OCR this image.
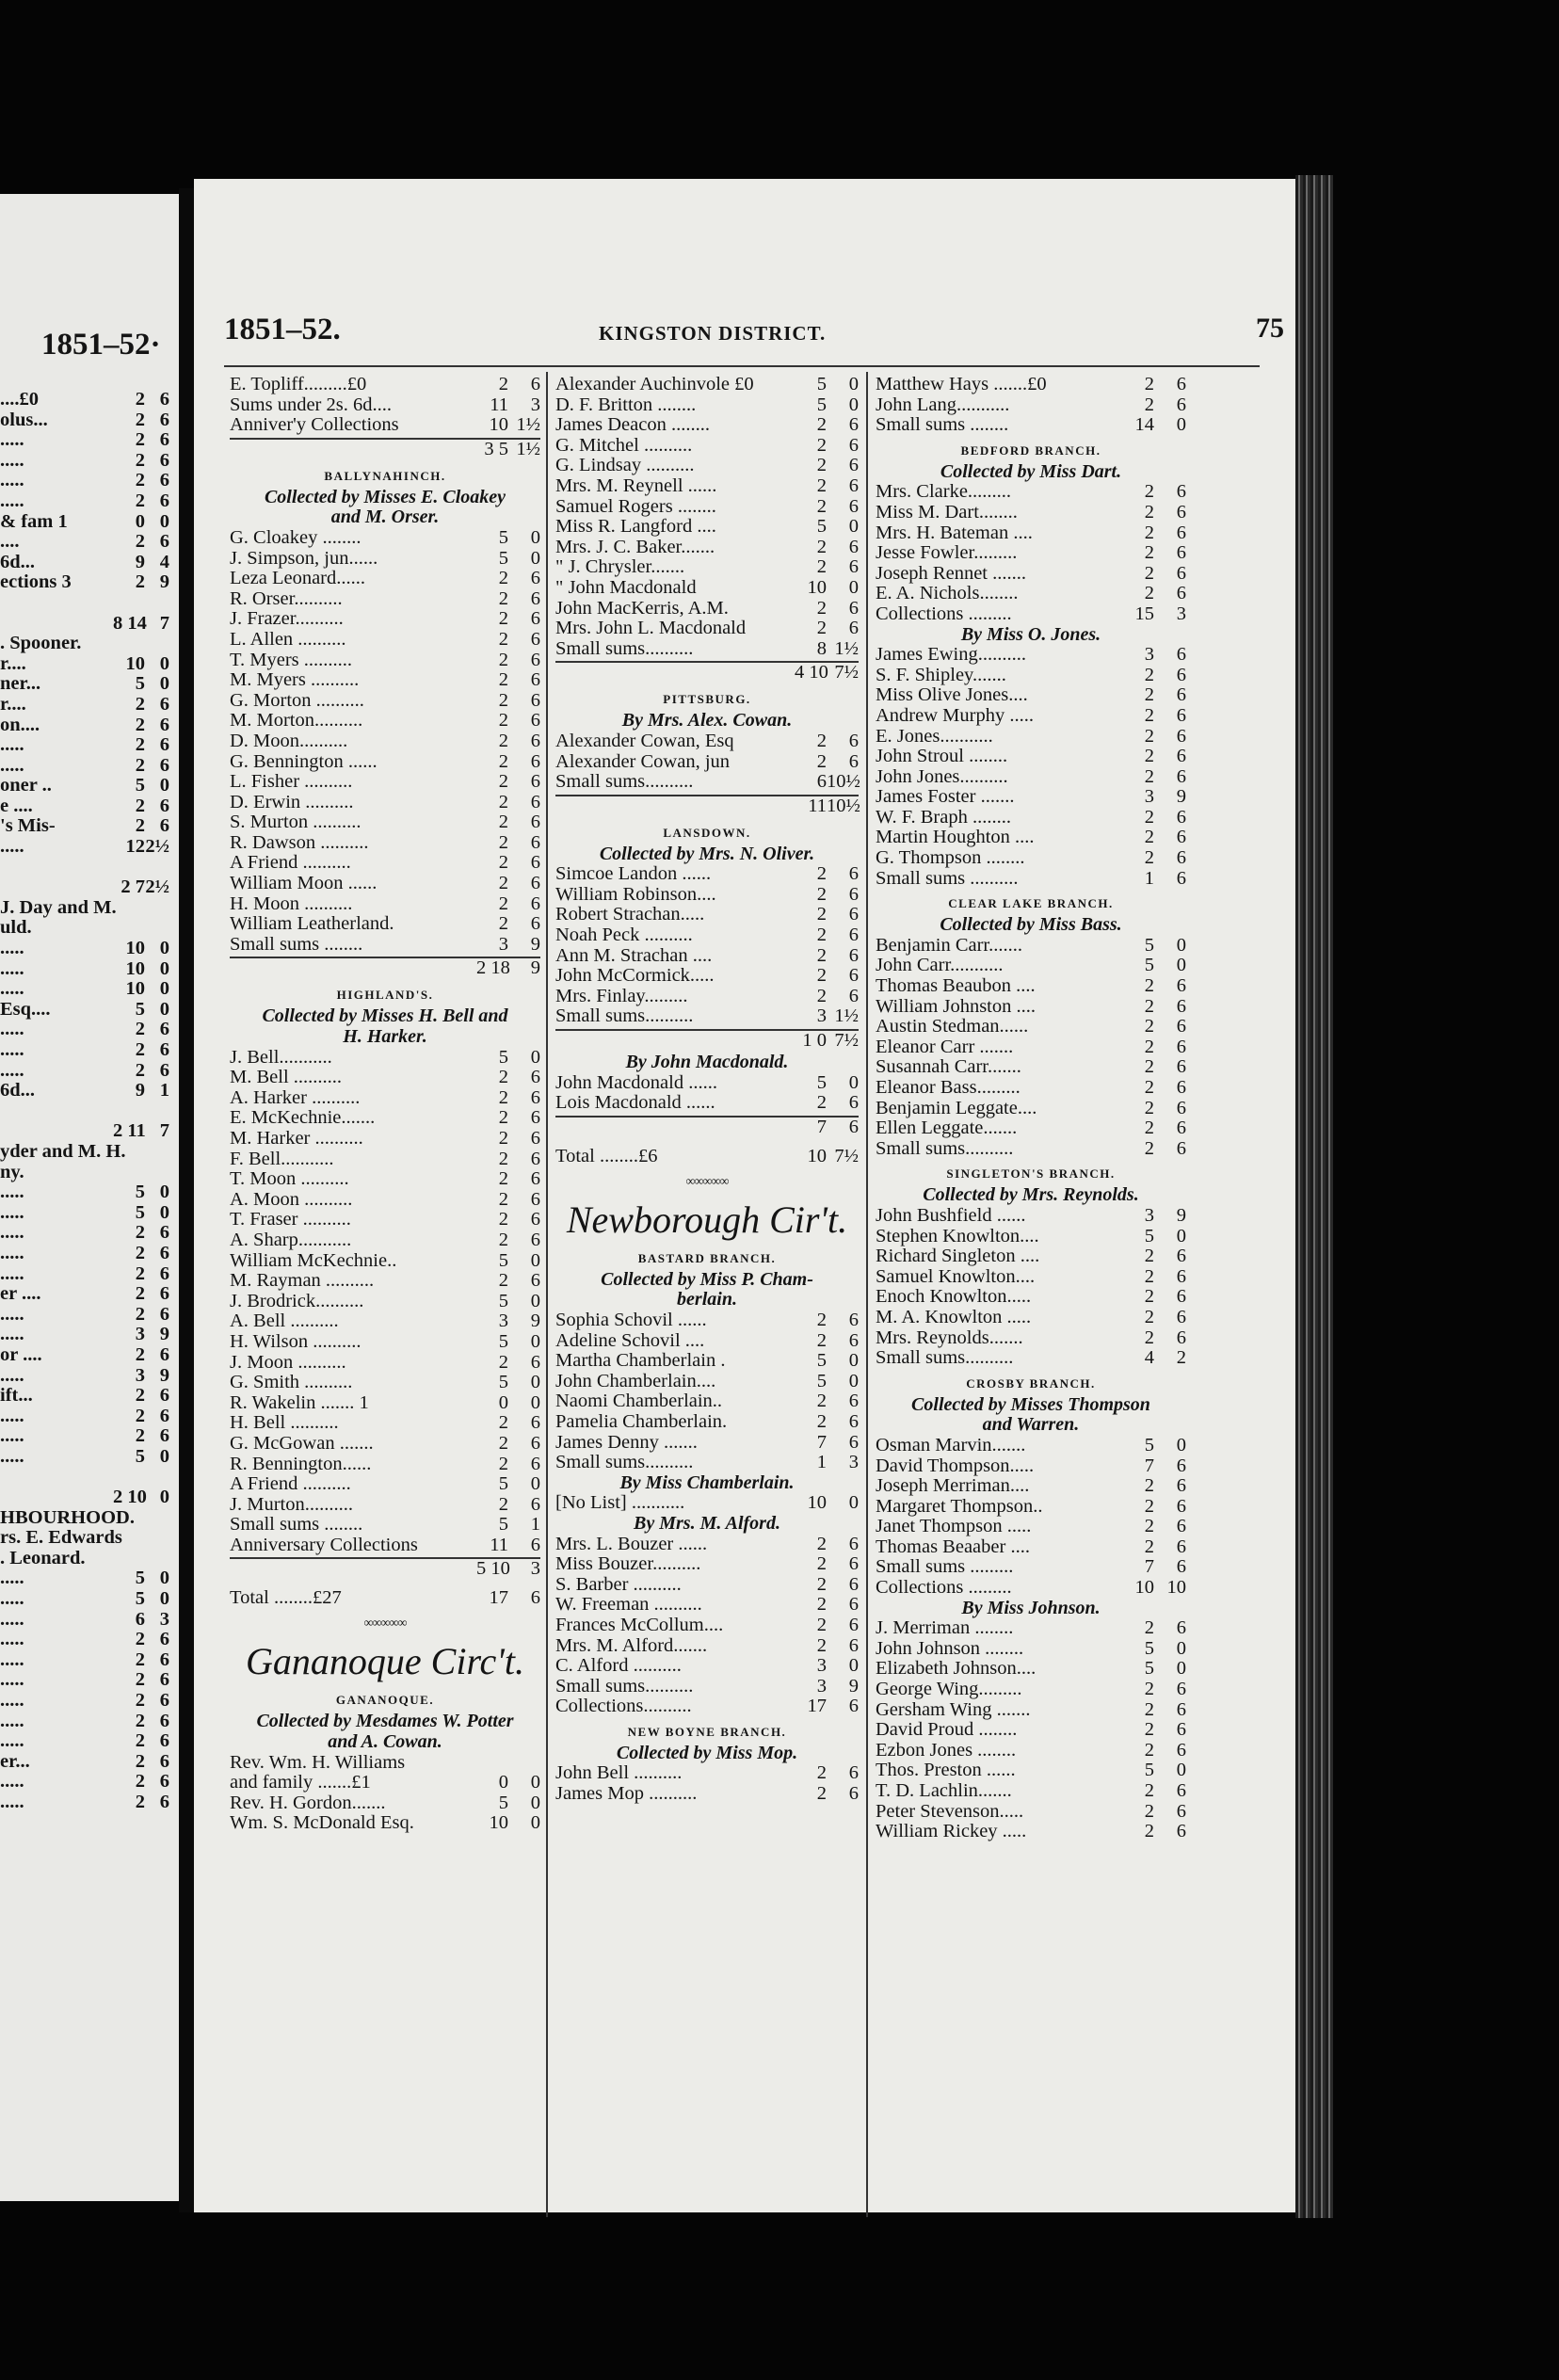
1851–52·
....£0	2 6
olus...	2 6
.....	2 6
.....	2 6
.....	2 6
.....	2 6
& fam 1	0 0
....	2 6
6d...	9 4
ections 3	2 9
8 14 7
. Spooner.
r....	10 0
ner...	5 0
r....	2 6
on....	2 6
.....	2 6
.....	2 6
oner ..	5 0
e ....	2 6
's Mis-	2 6
.....	12 2½
2 7 2½
J. Day and M.
uld.
.....	10 0
.....	10 0
.....	10 0
Esq....	5 0
.....	2 6
.....	2 6
.....	2 6
6d...	9 1
2 11 7
yder and M. H.
ny.
.....	5 0
.....	5 0
.....	2 6
.....	2 6
.....	2 6
er ....	2 6
.....	2 6
.....	3 9
or ....	2 6
.....	3 9
ift...	2 6
.....	2 6
.....	2 6
.....	5 0
2 10 0
HBOURHOOD.
rs. E. Edwards
. Leonard.
.....	5 0
.....	5 0
.....	6 3
.....	2 6
.....	2 6
.....	2 6
.....	2 6
.....	2 6
.....	2 6
er...	2 6
.....	2 6
.....	2 6
1851–52.	KINGSTON DISTRICT.	75
E. Topliff.........£0	2	6
Sums under 2s. 6d....	11	3
Anniver'y Collections	10 1½
3 5 1½
BALLYNAHINCH.
Collected by Misses E. Cloakey
and M. Orser.
G. Cloakey ........	5	0
J. Simpson, jun......	5	0
Leza Leonard......	2	6
R. Orser..........	2	6
J. Frazer..........	2	6
L. Allen ..........	2	6
T. Myers ..........	2	6
M. Myers ..........	2	6
G. Morton ..........	2	6
M. Morton..........	2	6
D. Moon..........	2	6
G. Bennington ......	2	6
L. Fisher ..........	2	6
D. Erwin ..........	2	6
S. Murton ..........	2	6
R. Dawson ..........	2	6
A Friend ..........	2	6
William Moon ......	2	6
H. Moon ..........	2	6
William Leatherland.	2	6
Small sums ........	3	9
2 18	9
HIGHLAND'S.
Collected by Misses H. Bell and
H. Harker.
J. Bell...........	5	0
M. Bell ..........	2	6
A. Harker ..........	2	6
E. McKechnie.......	2	6
M. Harker ..........	2	6
F. Bell...........	2	6
T. Moon ..........	2	6
A. Moon ..........	2	6
T. Fraser ..........	2	6
A. Sharp...........	2	6
William McKechnie..	5	0
M. Rayman ..........	2	6
J. Brodrick..........	5	0
A. Bell ..........	3	9
H. Wilson ..........	5	0
J. Moon ..........	2	6
G. Smith ..........	5	0
R. Wakelin ....... 1	0	0
H. Bell ..........	2	6
G. McGowan .......	2	6
R. Bennington......	2	6
A Friend ..........	5	0
J. Murton..........	2	6
Small sums ........	5	1
Anniversary Collections	11	6
5 10	3
Total ........£27	17	6
∞∞∞∞∞
Gananoque Circ't.
GANANOQUE.
Collected by Mesdames W. Potter
and A. Cowan.
Rev. Wm. H. Williams
and family .......£1	0	0
Rev. H. Gordon.......	5	0
Wm. S. McDonald Esq.	10	0
Alexander Auchinvole £0	5	0
D. F. Britton ........	5	0
James Deacon ........	2	6
G. Mitchel ..........	2	6
G. Lindsay ..........	2	6
Mrs. M. Reynell ......	2	6
Samuel Rogers ........	2	6
Miss R. Langford ....	5	0
Mrs. J. C. Baker.......	2	6
" J. Chrysler.......	2	6
" John Macdonald	10	0
John MacKerris, A.M.	2	6
Mrs. John L. Macdonald	2	6
Small sums..........	8 1½
4 10 7½
PITTSBURG.
By Mrs. Alex. Cowan.
Alexander Cowan, Esq	2	6
Alexander Cowan, jun	2	6
Small sums..........	6 10½
11 10½
LANSDOWN.
Collected by Mrs. N. Oliver.
Simcoe Landon ......	2	6
William Robinson....	2	6
Robert Strachan.....	2	6
Noah Peck ..........	2	6
Ann M. Strachan ....	2	6
John McCormick.....	2	6
Mrs. Finlay.........	2	6
Small sums..........	3 1½
1 0 7½
By John Macdonald.
John Macdonald ......	5	0
Lois Macdonald ......	2	6
7	6
Total ........£6	10 7½
∞∞∞∞∞
Newborough Cir't.
BASTARD BRANCH.
Collected by Miss P. Cham-
berlain.
Sophia Schovil ......	2	6
Adeline Schovil ....	2	6
Martha Chamberlain .	5	0
John Chamberlain....	5	0
Naomi Chamberlain..	2	6
Pamelia Chamberlain.	2	6
James Denny .......	7	6
Small sums..........	1	3
By Miss Chamberlain.
[No List] ...........	10	0
By Mrs. M. Alford.
Mrs. L. Bouzer ......	2	6
Miss Bouzer..........	2	6
S. Barber ..........	2	6
W. Freeman ..........	2	6
Frances McCollum....	2	6
Mrs. M. Alford.......	2	6
C. Alford ..........	3	0
Small sums..........	3	9
Collections..........	17	6
NEW BOYNE BRANCH.
Collected by Miss Mop.
John Bell ..........	2	6
James Mop ..........	2	6
Matthew Hays .......£0	2	6
John Lang...........	2	6
Small sums ........	14	0
BEDFORD BRANCH.
Collected by Miss Dart.
Mrs. Clarke.........	2	6
Miss M. Dart........	2	6
Mrs. H. Bateman ....	2	6
Jesse Fowler.........	2	6
Joseph Rennet .......	2	6
E. A. Nichols........	2	6
Collections .........	15	3
By Miss O. Jones.
James Ewing..........	3	6
S. F. Shipley.......	2	6
Miss Olive Jones....	2	6
Andrew Murphy .....	2	6
E. Jones...........	2	6
John Stroul ........	2	6
John Jones..........	2	6
James Foster .......	3	9
W. F. Braph ........	2	6
Martin Houghton ....	2	6
G. Thompson ........	2	6
Small sums ..........	1	6
CLEAR LAKE BRANCH.
Collected by Miss Bass.
Benjamin Carr.......	5	0
John Carr...........	5	0
Thomas Beaubon ....	2	6
William Johnston ....	2	6
Austin Stedman......	2	6
Eleanor Carr .......	2	6
Susannah Carr.......	2	6
Eleanor Bass.........	2	6
Benjamin Leggate....	2	6
Ellen Leggate.......	2	6
Small sums..........	2	6
SINGLETON'S BRANCH.
Collected by Mrs. Reynolds.
John Bushfield ......	3	9
Stephen Knowlton....	5	0
Richard Singleton ....	2	6
Samuel Knowlton....	2	6
Enoch Knowlton.....	2	6
M. A. Knowlton .....	2	6
Mrs. Reynolds.......	2	6
Small sums..........	4	2
CROSBY BRANCH.
Collected by Misses Thompson
and Warren.
Osman Marvin.......	5	0
David Thompson.....	7	6
Joseph Merriman....	2	6
Margaret Thompson..	2	6
Janet Thompson .....	2	6
Thomas Beaaber ....	2	6
Small sums .........	7	6
Collections .........	10 10
By Miss Johnson.
J. Merriman ........	2	6
John Johnson ........	5	0
Elizabeth Johnson....	5	0
George Wing.........	2	6
Gersham Wing .......	2	6
David Proud ........	2	6
Ezbon Jones ........	2	6
Thos. Preston ......	5	0
T. D. Lachlin.......	2	6
Peter Stevenson.....	2	6
William Rickey .....	2	6
